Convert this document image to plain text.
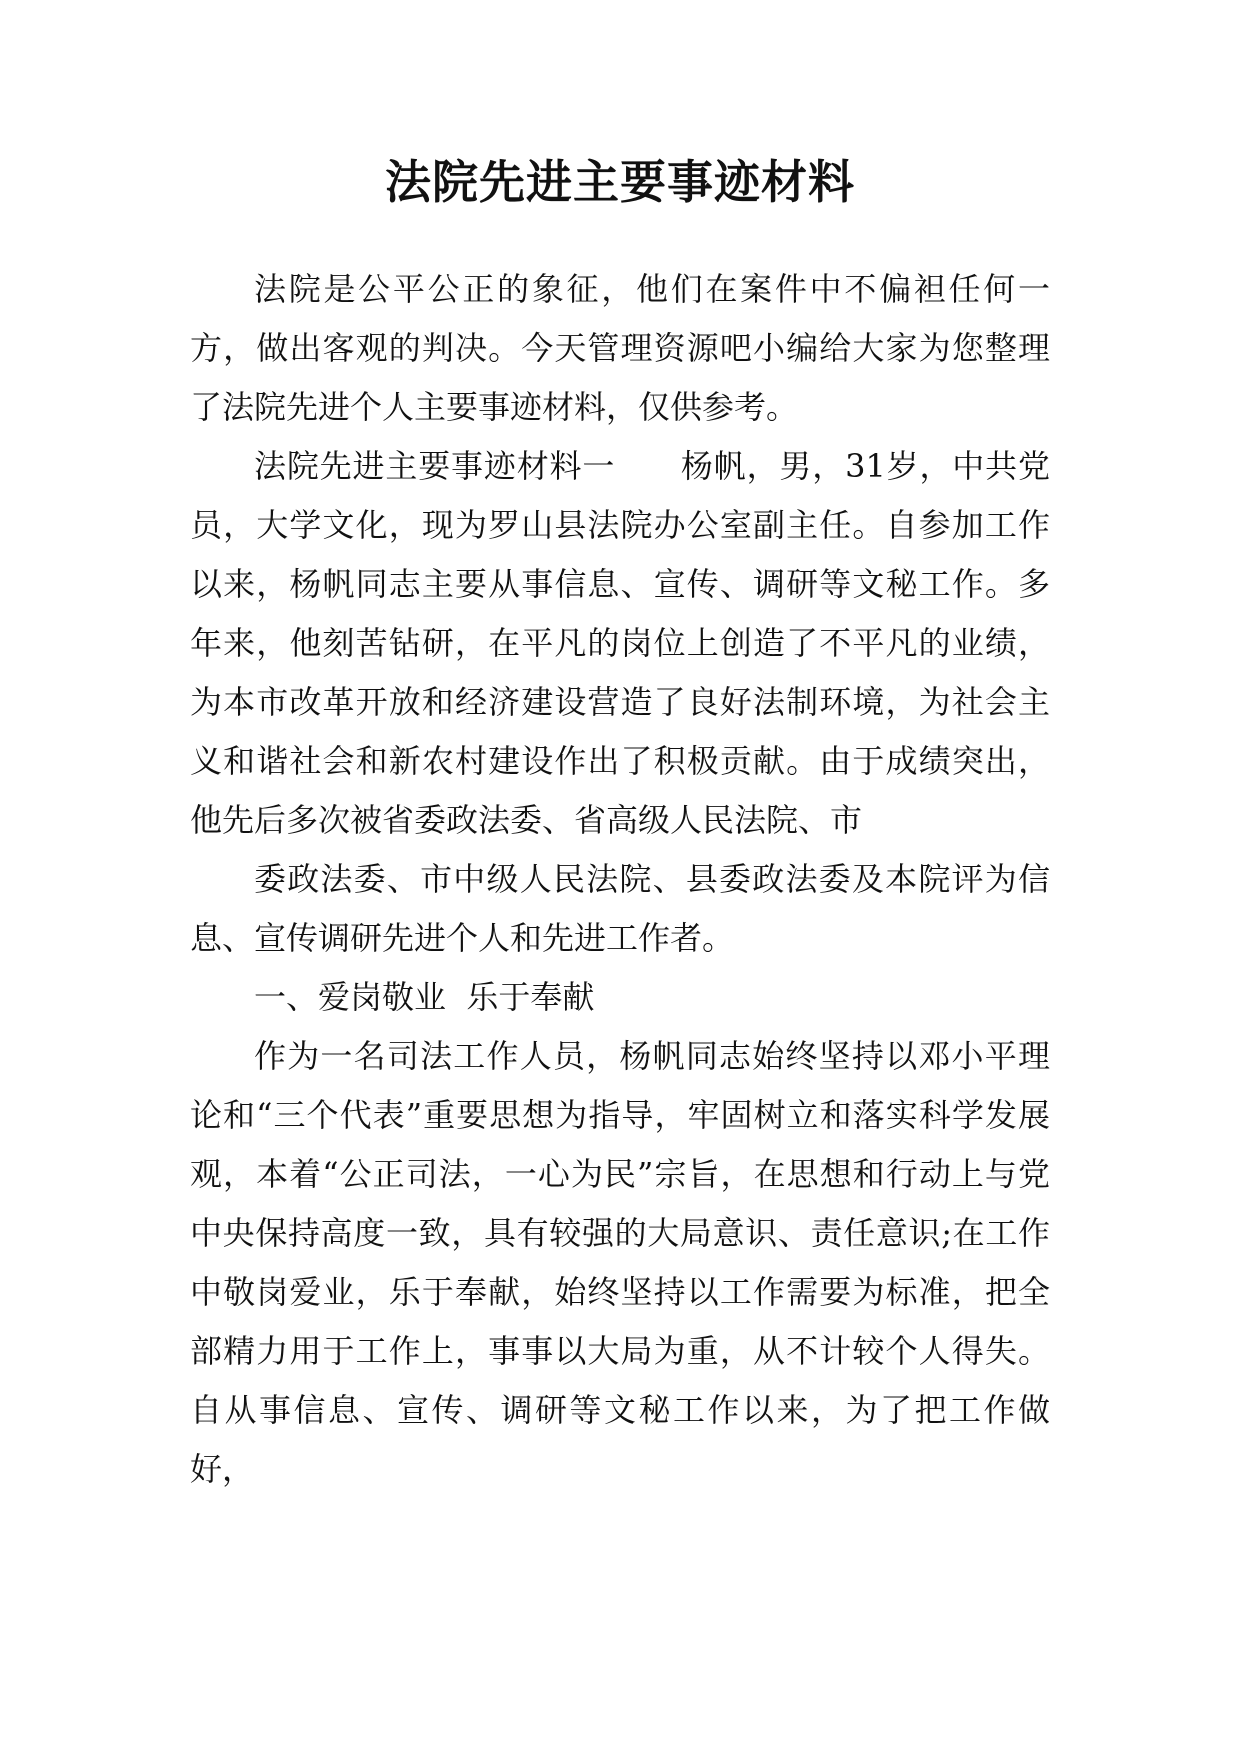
法院先进主要事迹材料

法院是公平公正的象征，他们在案件中不偏袒任何一方，做出客观的判决。今天管理资源吧小编给大家为您整理了法院先进个人主要事迹材料，仅供参考。

法院先进主要事迹材料一　　杨帆，男，31岁，中共党员，大学文化，现为罗山县法院办公室副主任。自参加工作以来，杨帆同志主要从事信息、宣传、调研等文秘工作。多年来，他刻苦钻研，在平凡的岗位上创造了不平凡的业绩，为本市改革开放和经济建设营造了良好法制环境，为社会主义和谐社会和新农村建设作出了积极贡献。由于成绩突出，他先后多次被省委政法委、省高级人民法院、市

委政法委、市中级人民法院、县委政法委及本院评为信息、宣传调研先进个人和先进工作者。

一、爱岗敬业  乐于奉献

作为一名司法工作人员，杨帆同志始终坚持以邓小平理论和“三个代表”重要思想为指导，牢固树立和落实科学发展观，本着“公正司法，一心为民”宗旨，在思想和行动上与党中央保持高度一致，具有较强的大局意识、责任意识;在工作中敬岗爱业，乐于奉献，始终坚持以工作需要为标准，把全部精力用于工作上，事事以大局为重，从不计较个人得失。自从事信息、宣传、调研等文秘工作以来，为了把工作做好，
